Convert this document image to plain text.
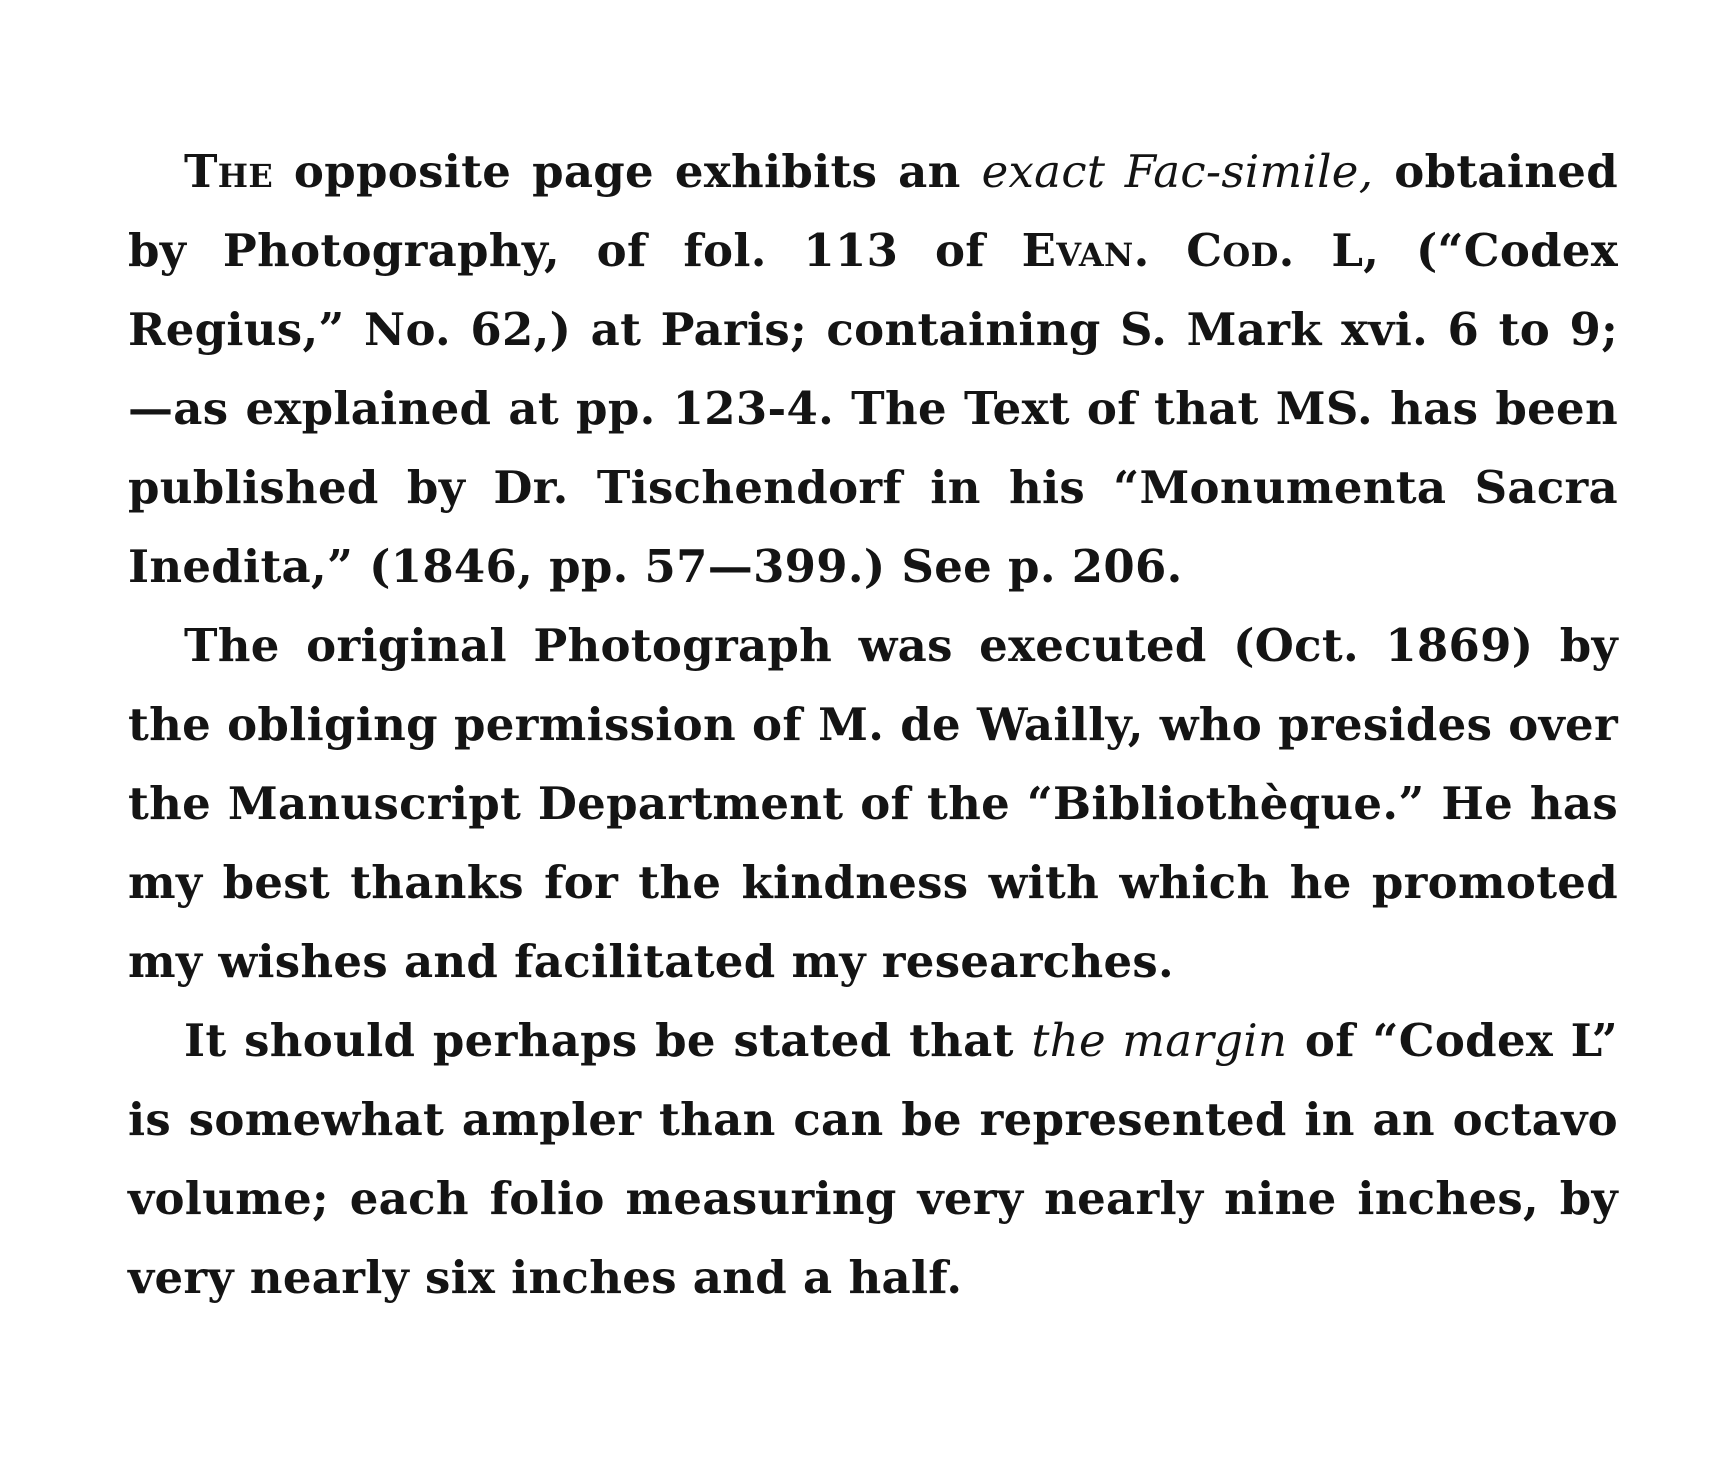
The opposite page exhibits an exact Fac-simile, obtained by Photography, of fol. 113 of Evan. Cod. L, (“Codex Regius,” No. 62,) at Paris; containing S. Mark xvi. 6 to 9;—as explained at pp. 123-4. The Text of that MS. has been published by Dr. Tischendorf in his “Monumenta Sacra Inedita,” (1846, pp. 57—399.) See p. 206.

The original Photograph was executed (Oct. 1869) by the obliging permission of M. de Wailly, who presides over the Manuscript Department of the “Bibliothèque.” He has my best thanks for the kindness with which he promoted my wishes and facilitated my researches.

It should perhaps be stated that the margin of “Codex L” is somewhat ampler than can be represented in an octavo volume; each folio measuring very nearly nine inches, by very nearly six inches and a half.
